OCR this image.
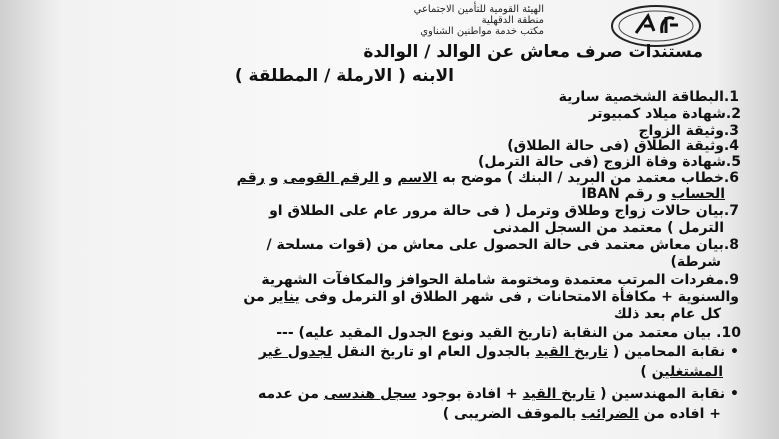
الهيئة القومية للتأمين الاجتماعي
منطقة الدقهلية
مكتب خدمة مواطنين الشناوي
مستندات صرف معاش عن الوالد / الوالدة
الابنه ( الارملة / المطلقة )
1.البطاقة الشخصية سارية
2.شهادة ميلاد كمبيوتر
3.وثيقة الزواج
4.وثيقة الطلاق (فى حالة الطلاق)
5.شهادة وفاة الزوج (فى حالة الترمل)
6.خطاب معتمد من البريد / البنك ) موضح به الاسم و الرقم القومى و رقم
الحساب و رقم IBAN
7.بيان حالات زواج وطلاق وترمل ( فى حالة مرور عام على الطلاق او
الترمل ) معتمد من السجل المدنى
8.بيان معاش معتمد فى حالة الحصول على معاش من (قوات مسلحة /
شرطة)
9.مفردات المرتب معتمدة ومختومة شاملة الحوافز والمكافآت الشهرية
والسنوية + مكافأة الامتحانات , فى شهر الطلاق او الترمل وفى يناير من
كل عام بعد ذلك
10. بيان معتمد من النقابة (تاريخ القيد ونوع الجدول المقيد عليه) ---
• نقابة المحامين ( تاريخ القيد بالجدول العام او تاريخ النقل لجدول غير
المشتغلين )
• نقابة المهندسين ( تاريخ القيد + افادة بوجود سجل هندسى من عدمه
+ افاده من الضرائب بالموقف الضريبى )
